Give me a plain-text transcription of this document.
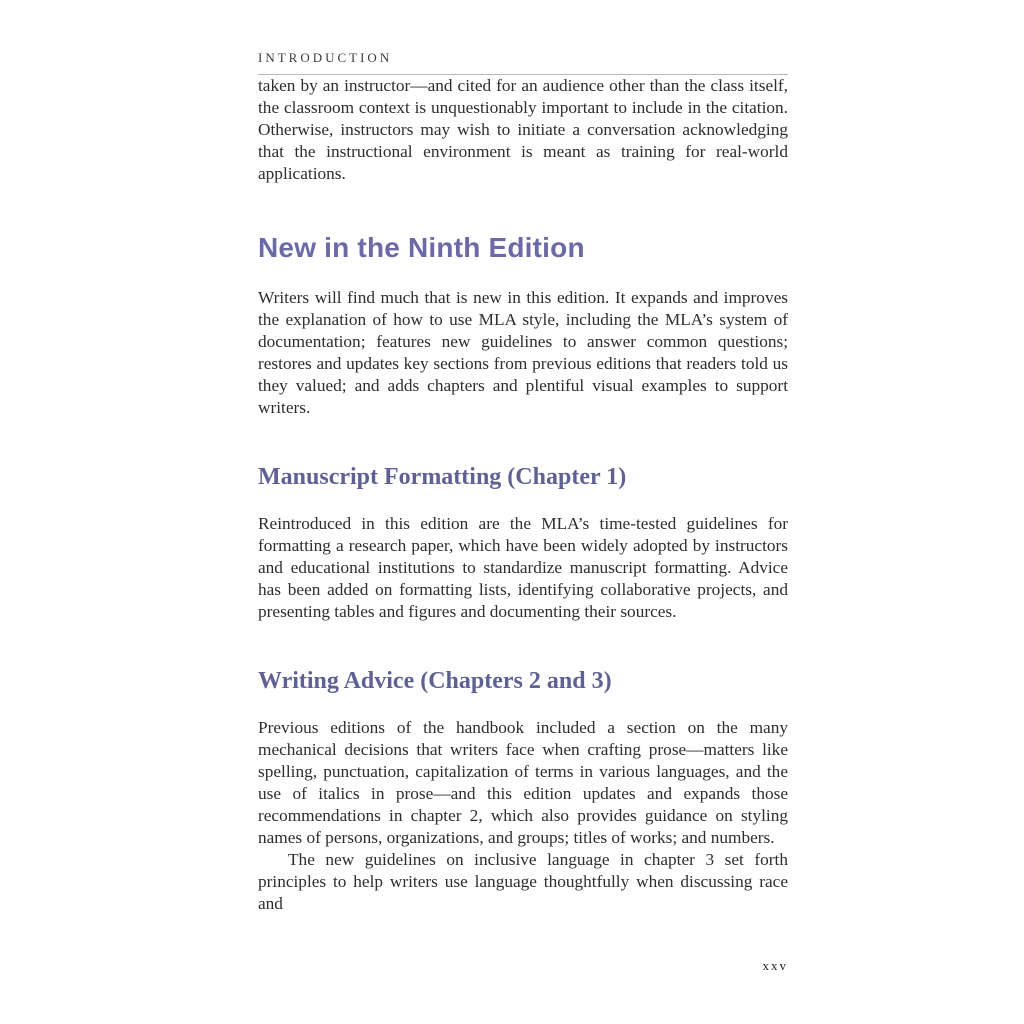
INTRODUCTION

taken by an instructor—and cited for an audience other than the class itself, the classroom context is unquestionably important to include in the citation. Otherwise, instructors may wish to initiate a conversation acknowledging that the instructional environment is meant as training for real-world applications.

New in the Ninth Edition

Writers will find much that is new in this edition. It expands and improves the explanation of how to use MLA style, including the MLA’s system of documentation; features new guidelines to answer common questions; restores and updates key sections from previous editions that readers told us they valued; and adds chapters and plentiful visual examples to support writers.

Manuscript Formatting (Chapter 1)

Reintroduced in this edition are the MLA’s time-tested guidelines for formatting a research paper, which have been widely adopted by instructors and educational institutions to standardize manuscript formatting. Advice has been added on formatting lists, identifying collaborative projects, and presenting tables and figures and documenting their sources.

Writing Advice (Chapters 2 and 3)

Previous editions of the handbook included a section on the many mechanical decisions that writers face when crafting prose—matters like spelling, punctuation, capitalization of terms in various languages, and the use of italics in prose—and this edition updates and expands those recommendations in chapter 2, which also provides guidance on styling names of persons, organizations, and groups; titles of works; and numbers.

The new guidelines on inclusive language in chapter 3 set forth principles to help writers use language thoughtfully when discussing race and

xxv
